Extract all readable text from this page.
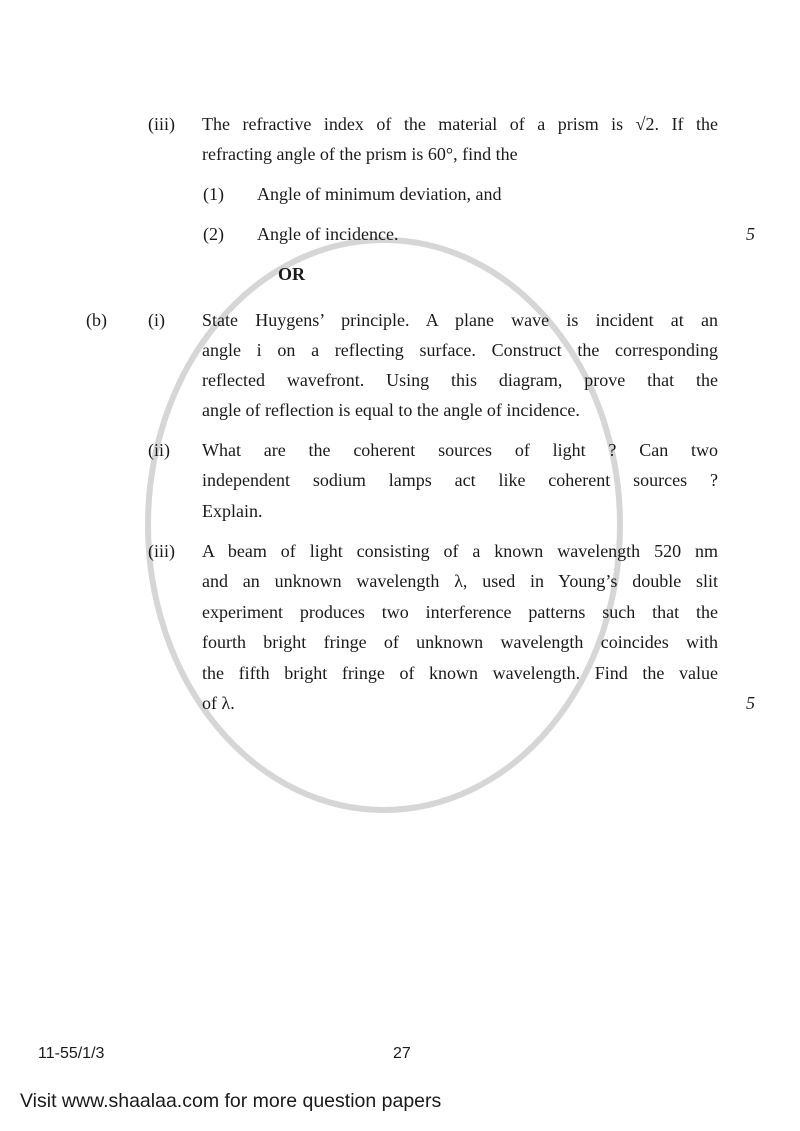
(iii) The refractive index of the material of a prism is √2. If the
refracting angle of the prism is 60°, find the
(1) Angle of minimum deviation, and
(2) Angle of incidence.	5
OR
(b) (i) State Huygens’ principle. A plane wave is incident at an
angle i on a reflecting surface. Construct the corresponding
reflected wavefront. Using this diagram, prove that the
angle of reflection is equal to the angle of incidence.
(ii) What are the coherent sources of light ? Can two
independent sodium lamps act like coherent sources ?
Explain.
(iii) A beam of light consisting of a known wavelength 520 nm
and an unknown wavelength λ, used in Young’s double slit
experiment produces two interference patterns such that the
fourth bright fringe of unknown wavelength coincides with
the fifth bright fringe of known wavelength. Find the value
of λ.	5
11-55/1/3	27
Visit www.shaalaa.com for more question papers
